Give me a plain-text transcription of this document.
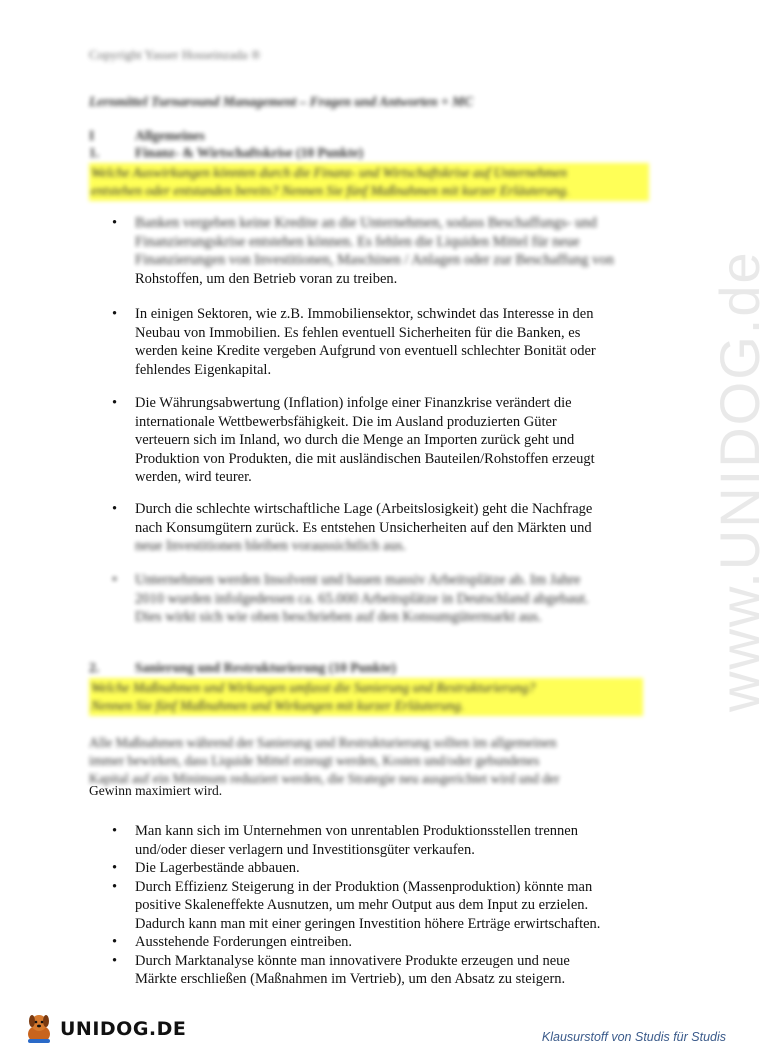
www.UNIDOG.de
Copyright Yasser Hosseinzada ®
Lernmittel Turnaround Management – Fragen und Antworten + MC
I	Allgemeines
1.	Finanz- & Wirtschaftskrise (10 Punkte)
Welche Auswirkungen könnten durch die Finanz- und Wirtschaftskrise auf Unternehmen
entstehen oder entstanden bereits? Nennen Sie fünf Maßnahmen mit kurzer Erläuterung.
• Banken vergeben keine Kredite an die Unternehmen, sodass Beschaffungs- und
Finanzierungskrise entstehen können. Es fehlen die Liquiden Mittel für neue
Finanzierungen von Investitionen, Maschinen / Anlagen oder zur Beschaffung von
Rohstoffen, um den Betrieb voran zu treiben.
• In einigen Sektoren, wie z.B. Immobiliensektor, schwindet das Interesse in den
Neubau von Immobilien. Es fehlen eventuell Sicherheiten für die Banken, es
werden keine Kredite vergeben Aufgrund von eventuell schlechter Bonität oder
fehlendes Eigenkapital.
• Die Währungsabwertung (Inflation) infolge einer Finanzkrise verändert die
internationale Wettbewerbsfähigkeit. Die im Ausland produzierten Güter
verteuern sich im Inland, wo durch die Menge an Importen zurück geht und
Produktion von Produkten, die mit ausländischen Bauteilen/Rohstoffen erzeugt
werden, wird teurer.
• Durch die schlechte wirtschaftliche Lage (Arbeitslosigkeit) geht die Nachfrage
nach Konsumgütern zurück. Es entstehen Unsicherheiten auf den Märkten und
neue Investitionen bleiben voraussichtlich aus.
• Unternehmen werden Insolvent und bauen massiv Arbeitsplätze ab. Im Jahre
2010 wurden infolgedessen ca. 65.000 Arbeitsplätze in Deutschland abgebaut.
Dies wirkt sich wie oben beschrieben auf den Konsumgütermarkt aus.
2.	Sanierung und Restrukturierung (10 Punkte)
Welche Maßnahmen und Wirkungen umfasst die Sanierung und Restrukturierung?
Nennen Sie fünf Maßnahmen und Wirkungen mit kurzer Erläuterung.
Alle Maßnahmen während der Sanierung und Restrukturierung sollten im allgemeinen
immer bewirken, dass Liquide Mittel erzeugt werden, Kosten und/oder gebundenes
Kapital auf ein Minimum reduziert werden, die Strategie neu ausgerichtet wird und der
Gewinn maximiert wird.
• Man kann sich im Unternehmen von unrentablen Produktionsstellen trennen
und/oder dieser verlagern und Investitionsgüter verkaufen.
• Die Lagerbestände abbauen.
• Durch Effizienz Steigerung in der Produktion (Massenproduktion) könnte man
positive Skaleneffekte Ausnutzen, um mehr Output aus dem Input zu erzielen.
Dadurch kann man mit einer geringen Investition höhere Erträge erwirtschaften.
• Ausstehende Forderungen eintreiben.
• Durch Marktanalyse könnte man innovativere Produkte erzeugen und neue
Märkte erschließen (Maßnahmen im Vertrieb), um den Absatz zu steigern.
UNIDOG.DE	Klausurstoff von Studis für Studis
